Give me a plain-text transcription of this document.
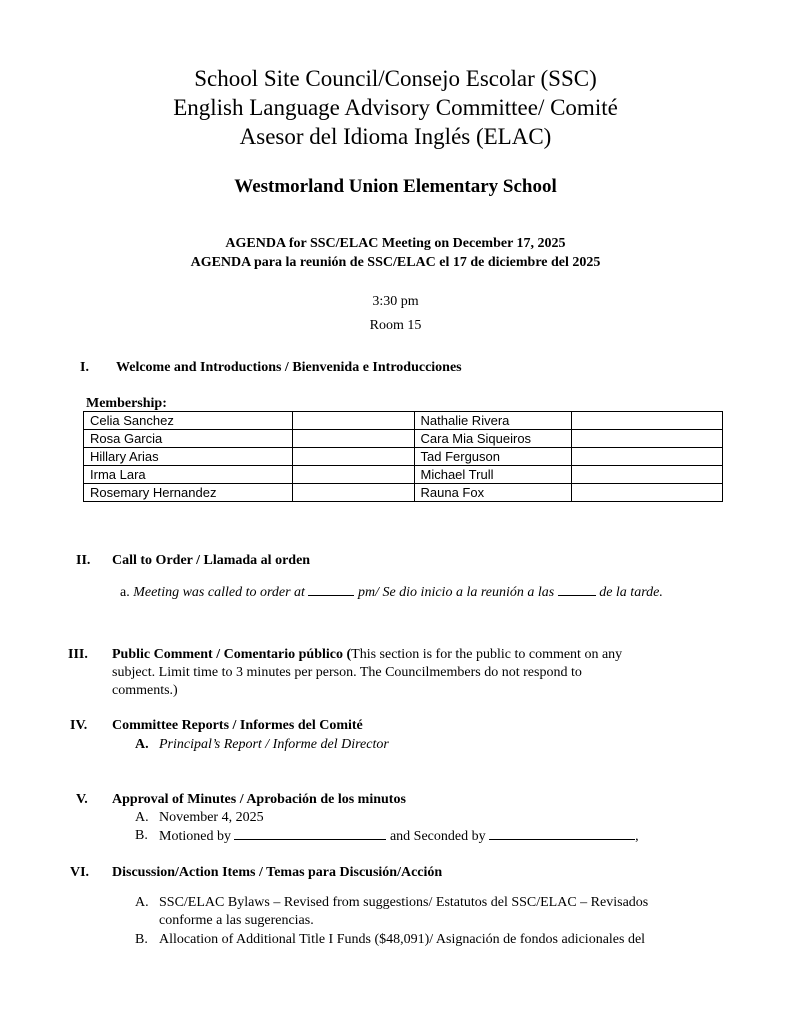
School Site Council/Consejo Escolar (SSC)
English Language Advisory Committee/ Comité
Asesor del Idioma Inglés (ELAC)
Westmorland Union Elementary School
AGENDA for SSC/ELAC Meeting on December 17, 2025
AGENDA para la reunión de SSC/ELAC el 17 de diciembre del 2025
3:30 pm
Room 15
I. Welcome and Introductions / Bienvenida e Introducciones
Membership:
Celia Sanchez		Nathalie Rivera	
Rosa Garcia		Cara Mia Siqueiros	
Hillary Arias		Tad Ferguson	
Irma Lara		Michael Trull	
Rosemary Hernandez		Rauna Fox	
II. Call to Order / Llamada al orden
a. Meeting was called to order at	pm/ Se dio inicio a la reunión a las	de la tarde.
III. Public Comment / Comentario público (This section is for the public to comment on any
subject. Limit time to 3 minutes per person. The Councilmembers do not respond to
comments.)
IV. Committee Reports / Informes del Comité
A. Principal’s Report / Informe del Director
V. Approval of Minutes / Aprobación de los minutos
A. November 4, 2025
B. Motioned by	and Seconded by	,
VI. Discussion/Action Items / Temas para Discusión/Acción
A. SSC/ELAC Bylaws – Revised from suggestions/ Estatutos del SSC/ELAC – Revisados
conforme a las sugerencias.
B. Allocation of Additional Title I Funds ($48,091)/ Asignación de fondos adicionales del
